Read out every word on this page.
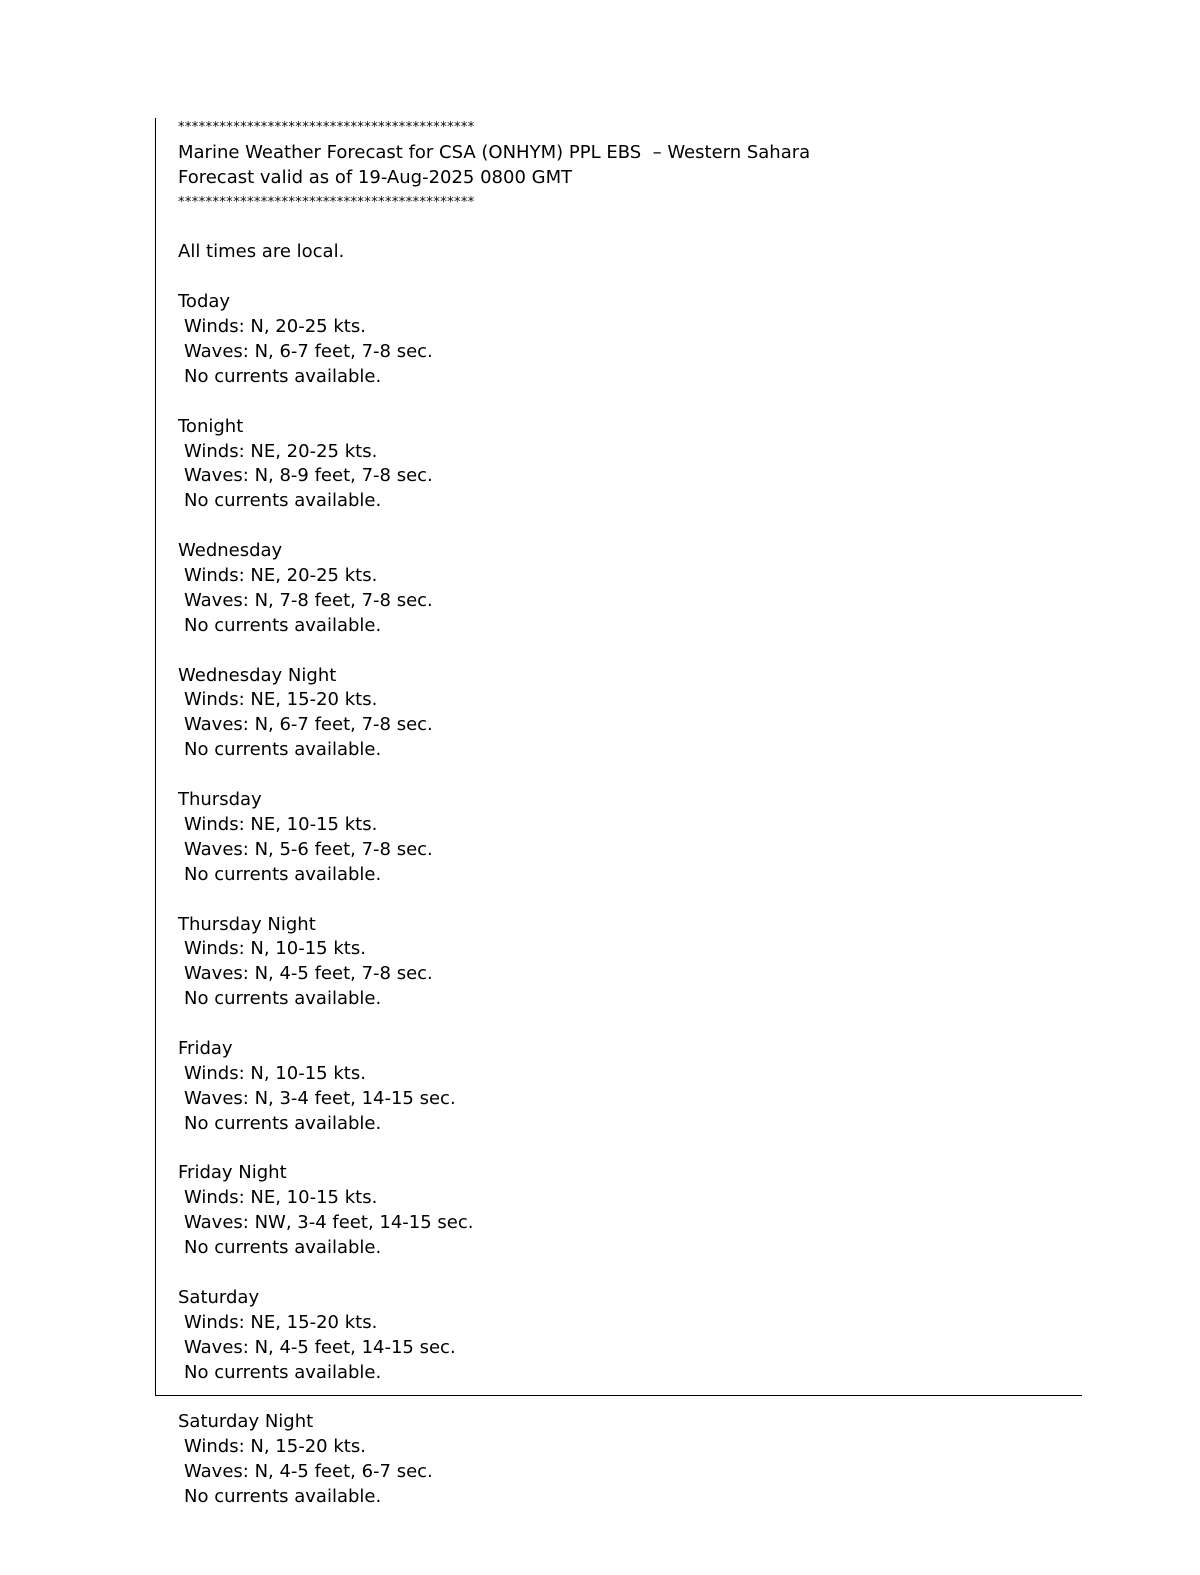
*******************************************
Marine Weather Forecast for CSA (ONHYM) PPL EBS  – Western Sahara
Forecast valid as of 19-Aug-2025 0800 GMT
*******************************************
All times are local.
Today
Winds: N, 20-25 kts.
Waves: N, 6-7 feet, 7-8 sec.
No currents available.
Tonight
Winds: NE, 20-25 kts.
Waves: N, 8-9 feet, 7-8 sec.
No currents available.
Wednesday
Winds: NE, 20-25 kts.
Waves: N, 7-8 feet, 7-8 sec.
No currents available.
Wednesday Night
Winds: NE, 15-20 kts.
Waves: N, 6-7 feet, 7-8 sec.
No currents available.
Thursday
Winds: NE, 10-15 kts.
Waves: N, 5-6 feet, 7-8 sec.
No currents available.
Thursday Night
Winds: N, 10-15 kts.
Waves: N, 4-5 feet, 7-8 sec.
No currents available.
Friday
Winds: N, 10-15 kts.
Waves: N, 3-4 feet, 14-15 sec.
No currents available.
Friday Night
Winds: NE, 10-15 kts.
Waves: NW, 3-4 feet, 14-15 sec.
No currents available.
Saturday
Winds: NE, 15-20 kts.
Waves: N, 4-5 feet, 14-15 sec.
No currents available.
Saturday Night
Winds: N, 15-20 kts.
Waves: N, 4-5 feet, 6-7 sec.
No currents available.
